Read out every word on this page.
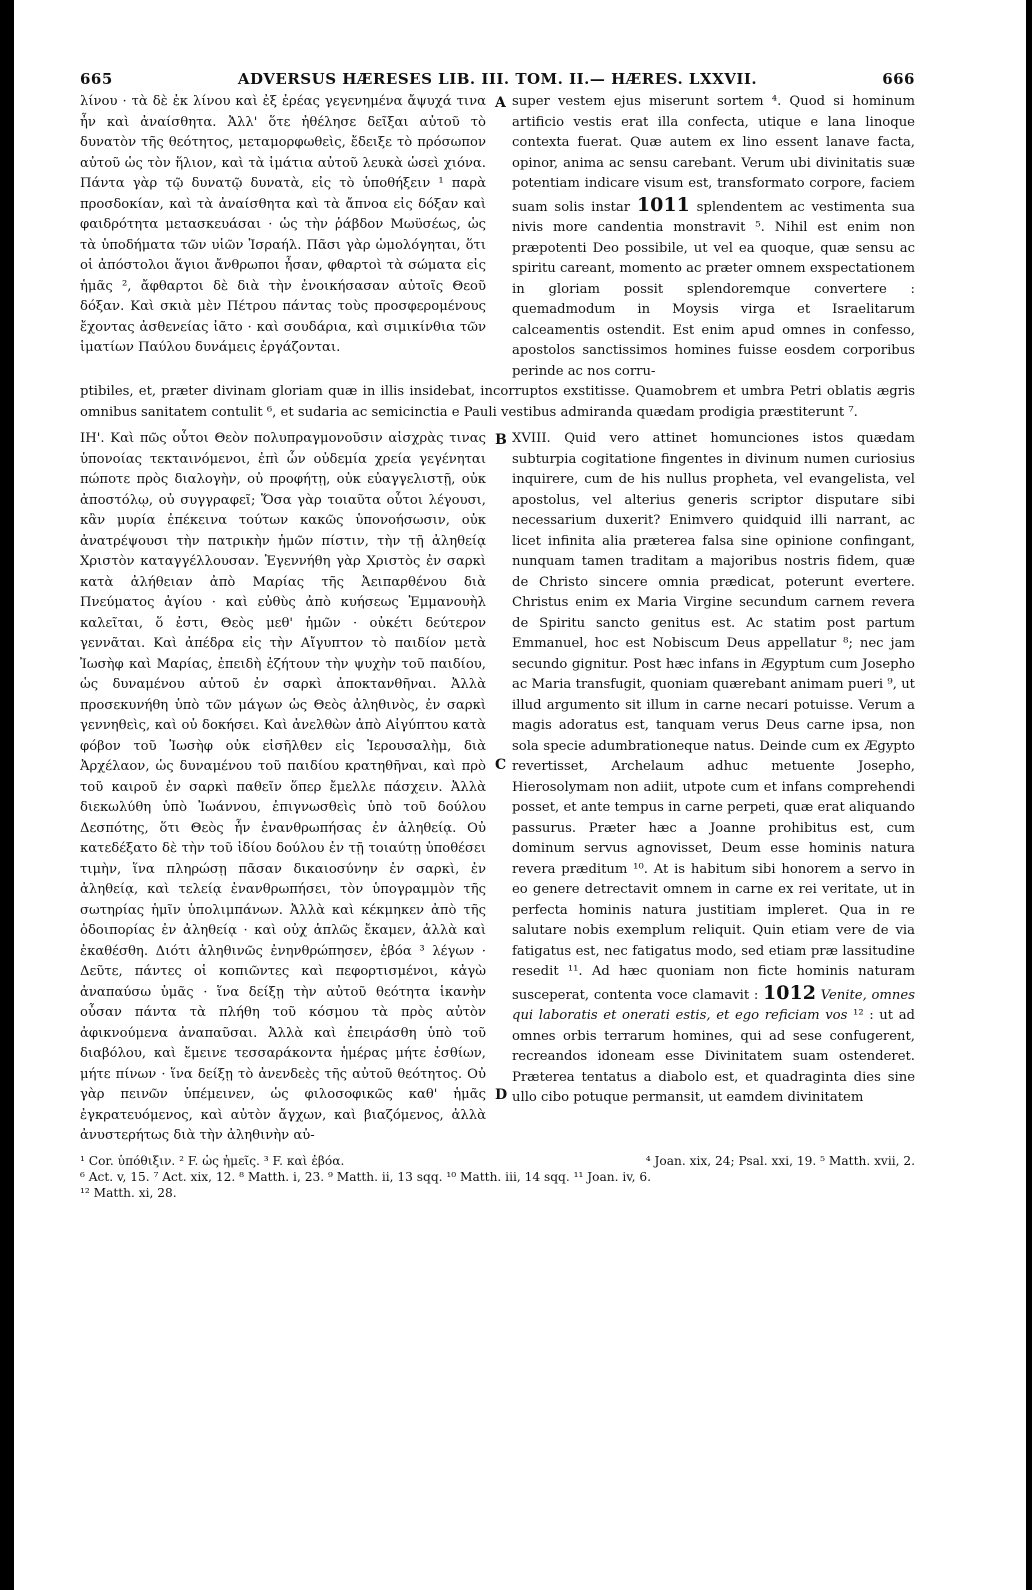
665	ADVERSUS HÆRESES LIB. III. TOM. II.— HÆRES. LXXVII.	666
A
λίνου · τὰ δὲ ἐκ λίνου καὶ ἐξ ἐρέας γεγενημένα ἄψυχά τινα ἦν καὶ ἀναίσθητα. Ἀλλ' ὅτε ἠθέλησε δεῖξαι αὐτοῦ τὸ δυνατὸν τῆς θεότητος, μεταμορφωθεὶς, ἔδειξε τὸ πρόσωπον αὐτοῦ ὡς τὸν ἥλιον, καὶ τὰ ἱμάτια αὐτοῦ λευκὰ ὡσεὶ χιόνα. Πάντα γὰρ τῷ δυνατῷ δυνατὰ, εἰς τὸ ὑποθήξειν ¹ παρὰ προσδοκίαν, καὶ τὰ ἀναίσθητα καὶ τὰ ἄπνοα εἰς δόξαν καὶ φαιδρότητα μετασκευάσαι · ὡς τὴν ῥάβδον Μωϋσέως, ὡς τὰ ὑποδήματα τῶν υἱῶν Ἰσραήλ. Πᾶσι γὰρ ὡμολόγηται, ὅτι οἱ ἀπόστολοι ἅγιοι ἄνθρωποι ἦσαν, φθαρτοὶ τὰ σώματα εἰς ἡμᾶς ², ἄφθαρτοι δὲ διὰ τὴν ἐνοικήσασαν αὐτοῖς Θεοῦ δόξαν. Καὶ σκιὰ μὲν Πέτρου πάντας τοὺς προσφερομένους ἔχοντας ἀσθενείας ἰᾶτο · καὶ σουδάρια, καὶ σιμικίνθια τῶν ἱματίων Παύλου δυνάμεις ἐργάζονται.
super vestem ejus miserunt sortem ⁴. Quod si hominum artificio vestis erat illa confecta, utique e lana linoque contexta fuerat. Quæ autem ex lino essent lanave facta, opinor, anima ac sensu carebant. Verum ubi divinitatis suæ potentiam indicare visum est, transformato corpore, faciem suam solis instar 1011 splendentem ac vestimenta sua nivis more candentia monstravit ⁵. Nihil est enim non præpotenti Deo possibile, ut vel ea quoque, quæ sensu ac spiritu careant, momento ac præter omnem exspectationem in gloriam possit splendoremque convertere : quemadmodum in Moysis virga et Israelitarum calceamentis ostendit. Est enim apud omnes in confesso, apostolos sanctissimos homines fuisse eosdem corporibus perinde ac nos corru-
ptibiles, et, præter divinam gloriam quæ in illis insidebat, incorruptos exstitisse. Quamobrem et umbra Petri oblatis ægris omnibus sanitatem contulit ⁶, et sudaria ac semicinctia e Pauli vestibus admiranda quædam prodigia præstiterunt ⁷.
B
C
D
ΙΗ'. Καὶ πῶς οὗτοι Θεὸν πολυπραγμονοῦσιν αἰσχρὰς τινας ὑπονοίας τεκταινόμενοι, ἐπὶ ὧν οὐδεμία χρεία γεγένηται πώποτε πρὸς διαλογὴν, οὐ προφήτῃ, οὐκ εὐαγγελιστῇ, οὐκ ἀποστόλῳ, οὐ συγγραφεῖ; Ὅσα γὰρ τοιαῦτα οὗτοι λέγουσι, κἂν μυρία ἐπέκεινα τούτων κακῶς ὑπονοήσωσιν, οὐκ ἀνατρέψουσι τὴν πατρικὴν ἡμῶν πίστιν, τὴν τῇ ἀληθείᾳ Χριστὸν καταγγέλλουσαν. Ἐγεννήθη γὰρ Χριστὸς ἐν σαρκὶ κατὰ ἀλήθειαν ἀπὸ Μαρίας τῆς Ἀειπαρθένου διὰ Πνεύματος ἁγίου · καὶ εὐθὺς ἀπὸ κυήσεως Ἐμμανουὴλ καλεῖται, ὅ ἐστι, Θεὸς μεθ' ἡμῶν · οὐκέτι δεύτερον γεννᾶται. Καὶ ἀπέδρα εἰς τὴν Αἴγυπτον τὸ παιδίον μετὰ Ἰωσὴφ καὶ Μαρίας, ἐπειδὴ ἐζήτουν τὴν ψυχὴν τοῦ παιδίου, ὡς δυναμένου αὐτοῦ ἐν σαρκὶ ἀποκτανθῆναι. Ἀλλὰ προσεκυνήθη ὑπὸ τῶν μάγων ὡς Θεὸς ἀληθινὸς, ἐν σαρκὶ γεννηθεὶς, καὶ οὐ δοκήσει. Καὶ ἀνελθὼν ἀπὸ Αἰγύπτου κατὰ φόβον τοῦ Ἰωσὴφ οὐκ εἰσῆλθεν εἰς Ἱερουσαλὴμ, διὰ Ἀρχέλαον, ὡς δυναμένου τοῦ παιδίου κρατηθῆναι, καὶ πρὸ τοῦ καιροῦ ἐν σαρκὶ παθεῖν ὅπερ ἔμελλε πάσχειν. Ἀλλὰ διεκωλύθη ὑπὸ Ἰωάννου, ἐπιγνωσθεὶς ὑπὸ τοῦ δούλου Δεσπότης, ὅτι Θεὸς ἦν ἐνανθρωπήσας ἐν ἀληθείᾳ. Οὐ κατεδέξατο δὲ τὴν τοῦ ἰδίου δούλου ἐν τῇ τοιαύτῃ ὑποθέσει τιμὴν, ἵνα πληρώσῃ πᾶσαν δικαιοσύνην ἐν σαρκὶ, ἐν ἀληθείᾳ, καὶ τελείᾳ ἐνανθρωπήσει, τὸν ὑπογραμμὸν τῆς σωτηρίας ἡμῖν ὑπολιμπάνων. Ἀλλὰ καὶ κέκμηκεν ἀπὸ τῆς ὁδοιπορίας ἐν ἀληθείᾳ · καὶ οὐχ ἁπλῶς ἔκαμεν, ἀλλὰ καὶ ἐκαθέσθη. Διότι ἀληθινῶς ἐνηνθρώπησεν, ἐβόα ³ λέγων · Δεῦτε, πάντες οἱ κοπιῶντες καὶ πεφορτισμένοι, κἀγὼ ἀναπαύσω ὑμᾶς · ἵνα δείξῃ τὴν αὐτοῦ θεότητα ἱκανὴν οὖσαν πάντα τὰ πλήθη τοῦ κόσμου τὰ πρὸς αὐτὸν ἀφικνούμενα ἀναπαῦσαι. Ἀλλὰ καὶ ἐπειράσθη ὑπὸ τοῦ διαβόλου, καὶ ἔμεινε τεσσαράκοντα ἡμέρας μήτε ἐσθίων, μήτε πίνων · ἵνα δείξῃ τὸ ἀνενδεὲς τῆς αὐτοῦ θεότητος. Οὐ γὰρ πεινῶν ὑπέμεινεν, ὡς φιλοσοφικῶς καθ' ἡμᾶς ἐγκρατευόμενος, καὶ αὐτὸν ἄγχων, καὶ βιαζόμενος, ἀλλὰ ἀνυστερήτως διὰ τὴν ἀληθινὴν αὐ-
XVIII. Quid vero attinet homunciones istos quædam subturpia cogitatione fingentes in divinum numen curiosius inquirere, cum de his nullus propheta, vel evangelista, vel apostolus, vel alterius generis scriptor disputare sibi necessarium duxerit? Enimvero quidquid illi narrant, ac licet infinita alia præterea falsa sine opinione confingant, nunquam tamen traditam a majoribus nostris fidem, quæ de Christo sincere omnia prædicat, poterunt evertere. Christus enim ex Maria Virgine secundum carnem revera de Spiritu sancto genitus est. Ac statim post partum Emmanuel, hoc est Nobiscum Deus appellatur ⁸; nec jam secundo gignitur. Post hæc infans in Ægyptum cum Josepho ac Maria transfugit, quoniam quærebant animam pueri ⁹, ut illud argumento sit illum in carne necari potuisse. Verum a magis adoratus est, tanquam verus Deus carne ipsa, non sola specie adumbrationeque natus. Deinde cum ex Ægypto revertisset, Archelaum adhuc metuente Josepho, Hierosolymam non adiit, utpote cum et infans comprehendi posset, et ante tempus in carne perpeti, quæ erat aliquando passurus. Præter hæc a Joanne prohibitus est, cum dominum servus agnovisset, Deum esse hominis natura revera præditum ¹⁰. At is habitum sibi honorem a servo in eo genere detrectavit omnem in carne ex rei veritate, ut in perfecta hominis natura justitiam impleret. Qua in re salutare nobis exemplum reliquit. Quin etiam vere de via fatigatus est, nec fatigatus modo, sed etiam præ lassitudine resedit ¹¹. Ad hæc quoniam non ficte hominis naturam susceperat, contenta voce clamavit : 1012 Venite, omnes qui laboratis et onerati estis, et ego reficiam vos ¹² : ut ad omnes orbis terrarum homines, qui ad sese confugerent, recreandos idoneam esse Divinitatem suam ostenderet. Præterea tentatus a diabolo est, et quadraginta dies sine ullo cibo potuque permansit, ut eamdem divinitatem
¹ Cor. ὑπόθιξιν. ² F. ὡς ἡμεῖς. ³ F. καὶ ἐβόα.	⁴ Joan. xix, 24; Psal. xxi, 19. ⁵ Matth. xvii, 2.
⁶ Act. v, 15. ⁷ Act. xix, 12. ⁸ Matth. i, 23. ⁹ Matth. ii, 13 sqq. ¹⁰ Matth. iii, 14 sqq. ¹¹ Joan. iv, 6.
¹² Matth. xi, 28.
